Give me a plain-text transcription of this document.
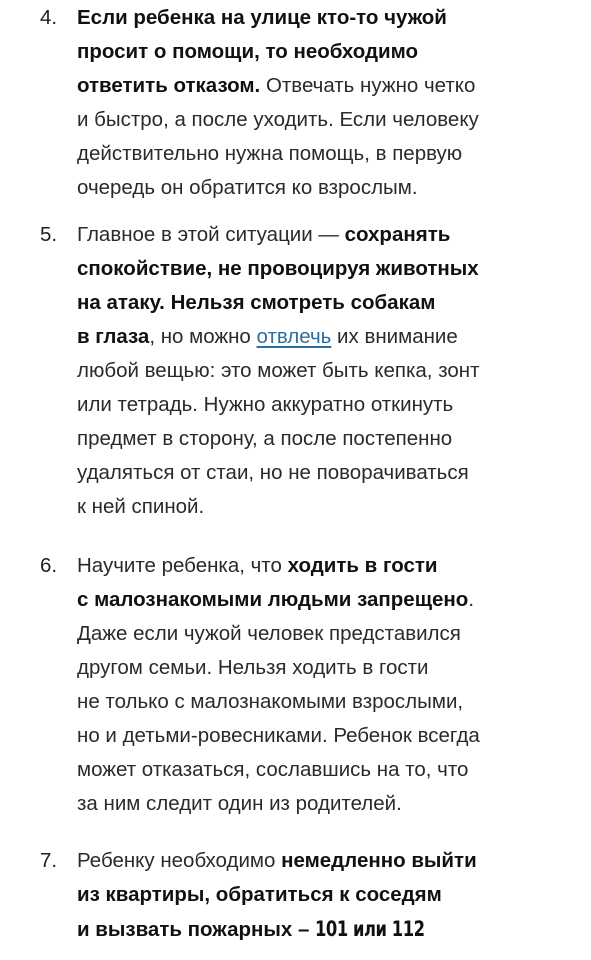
4. Если ребенка на улице кто-то чужой
просит о помощи, то необходимо
ответить отказом. Отвечать нужно четко
и быстро, а после уходить. Если человеку
действительно нужна помощь, в первую
очередь он обратится ко взрослым.
5. Главное в этой ситуации — сохранять
спокойствие, не провоцируя животных
на атаку. Нельзя смотреть собакам
в глаза, но можно отвлечь их внимание
любой вещью: это может быть кепка, зонт
или тетрадь. Нужно аккуратно откинуть
предмет в сторону, а после постепенно
удаляться от стаи, но не поворачиваться
к ней спиной.
6. Научите ребенка, что ходить в гости
с малознакомыми людьми запрещено.
Даже если чужой человек представился
другом семьи. Нельзя ходить в гости
не только с малознакомыми взрослыми,
но и детьми-ровесниками. Ребенок всегда
может отказаться, сославшись на то, что
за ним следит один из родителей.
7. Ребенку необходимо немедленно выйти
из квартиры, обратиться к соседям
и вызвать пожарных – 101 или 112
